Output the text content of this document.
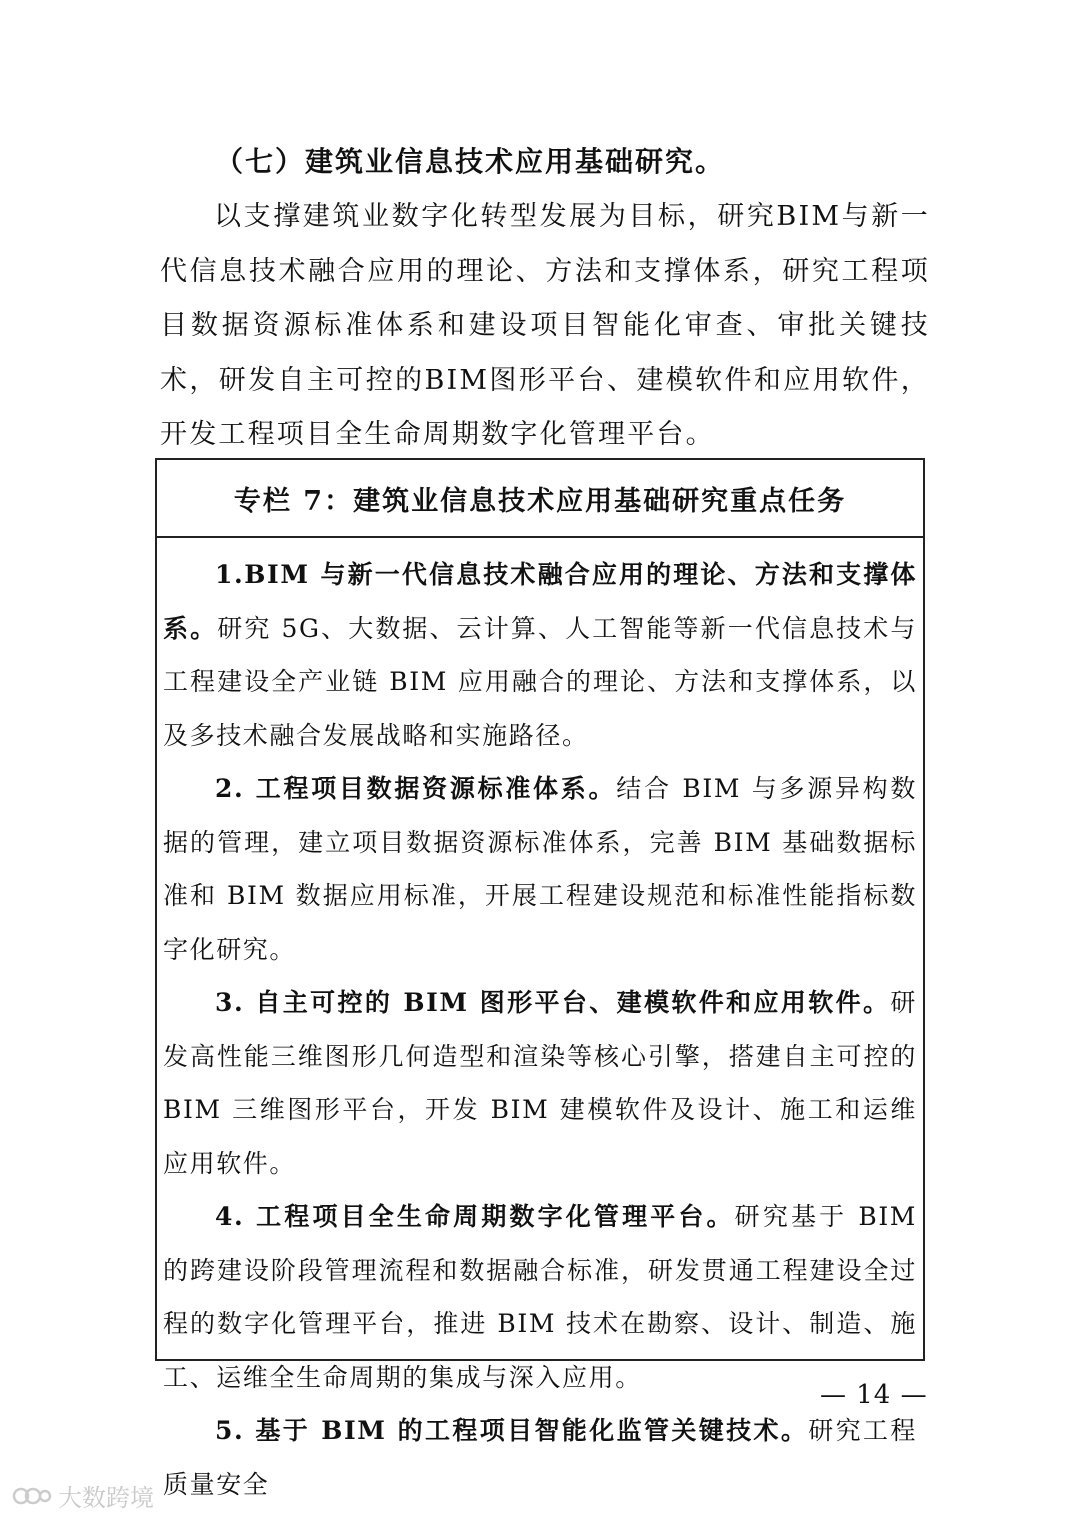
（七）建筑业信息技术应用基础研究。

以支撑建筑业数字化转型发展为目标，研究BIM与新一代信息技术融合应用的理论、方法和支撑体系，研究工程项目数据资源标准体系和建设项目智能化审查、审批关键技术，研发自主可控的BIM图形平台、建模软件和应用软件，开发工程项目全生命周期数字化管理平台。

专栏 7：建筑业信息技术应用基础研究重点任务

1.BIM 与新一代信息技术融合应用的理论、方法和支撑体系。研究 5G、大数据、云计算、人工智能等新一代信息技术与工程建设全产业链 BIM 应用融合的理论、方法和支撑体系，以及多技术融合发展战略和实施路径。

2. 工程项目数据资源标准体系。结合 BIM 与多源异构数据的管理，建立项目数据资源标准体系，完善 BIM 基础数据标准和 BIM 数据应用标准，开展工程建设规范和标准性能指标数字化研究。

3. 自主可控的 BIM 图形平台、建模软件和应用软件。研发高性能三维图形几何造型和渲染等核心引擎，搭建自主可控的 BIM 三维图形平台，开发 BIM 建模软件及设计、施工和运维应用软件。

4. 工程项目全生命周期数字化管理平台。研究基于 BIM 的跨建设阶段管理流程和数据融合标准，研发贯通工程建设全过程的数字化管理平台，推进 BIM 技术在勘察、设计、制造、施工、运维全生命周期的集成与深入应用。

5. 基于 BIM 的工程项目智能化监管关键技术。研究工程质量安全

— 14 —
大数跨境
